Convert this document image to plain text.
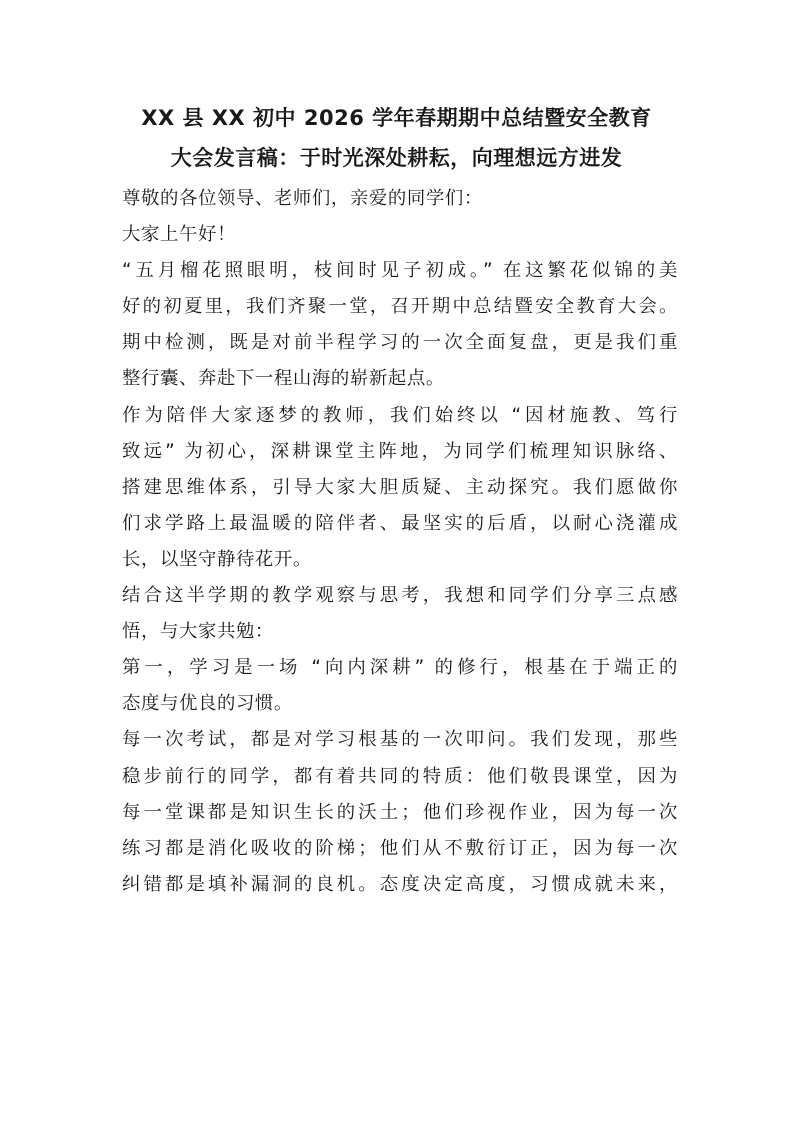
XX 县 XX 初中 2026 学年春期期中总结暨安全教育
大会发言稿：于时光深处耕耘，向理想远方进发
尊敬的各位领导、老师们，亲爱的同学们：
大家上午好！
“五月榴花照眼明，枝间时见子初成。” 在这繁花似锦的美
好的初夏里，我们齐聚一堂，召开期中总结暨安全教育大会。
期中检测，既是对前半程学习的一次全面复盘，更是我们重
整行囊、奔赴下一程山海的崭新起点。
作为陪伴大家逐梦的教师，我们始终以 “因材施教、笃行
致远” 为初心，深耕课堂主阵地，为同学们梳理知识脉络、
搭建思维体系，引导大家大胆质疑、主动探究。我们愿做你
们求学路上最温暖的陪伴者、最坚实的后盾，以耐心浇灌成
长，以坚守静待花开。
结合这半学期的教学观察与思考，我想和同学们分享三点感
悟，与大家共勉：
第一，学习是一场 “向内深耕” 的修行，根基在于端正的
态度与优良的习惯。
每一次考试，都是对学习根基的一次叩问。我们发现，那些
稳步前行的同学，都有着共同的特质：他们敬畏课堂，因为
每一堂课都是知识生长的沃土；他们珍视作业，因为每一次
练习都是消化吸收的阶梯；他们从不敷衍订正，因为每一次
纠错都是填补漏洞的良机。态度决定高度，习惯成就未来，
